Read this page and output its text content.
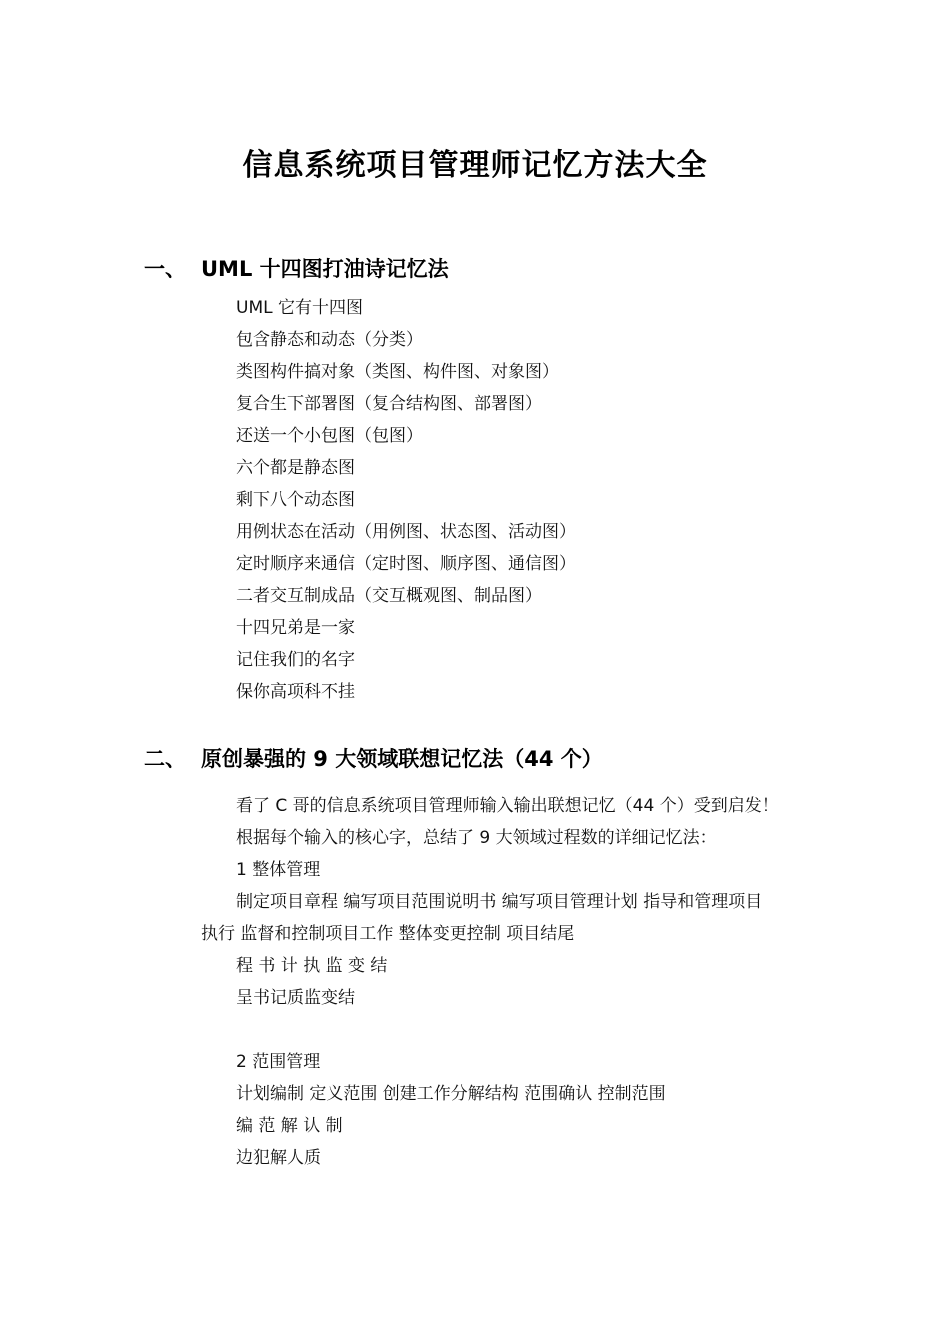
信息系统项目管理师记忆方法大全
一、 UML 十四图打油诗记忆法
UML 它有十四图
包含静态和动态（分类）
类图构件搞对象（类图、构件图、对象图）
复合生下部署图（复合结构图、部署图）
还送一个小包图（包图）
六个都是静态图
剩下八个动态图
用例状态在活动（用例图、状态图、活动图）
定时顺序来通信（定时图、顺序图、通信图）
二者交互制成品（交互概观图、制品图）
十四兄弟是一家
记住我们的名字
保你高项科不挂
二、 原创暴强的 9 大领域联想记忆法（44 个）
看了 C 哥的信息系统项目管理师输入输出联想记忆（44 个）受到启发！
根据每个输入的核心字，总结了 9 大领域过程数的详细记忆法：
1 整体管理
制定项目章程 编写项目范围说明书 编写项目管理计划 指导和管理项目
执行 监督和控制项目工作 整体变更控制 项目结尾
程 书 计 执 监 变 结
呈书记质监变结
2 范围管理
计划编制 定义范围 创建工作分解结构 范围确认 控制范围
编 范 解 认 制
边犯解人质
